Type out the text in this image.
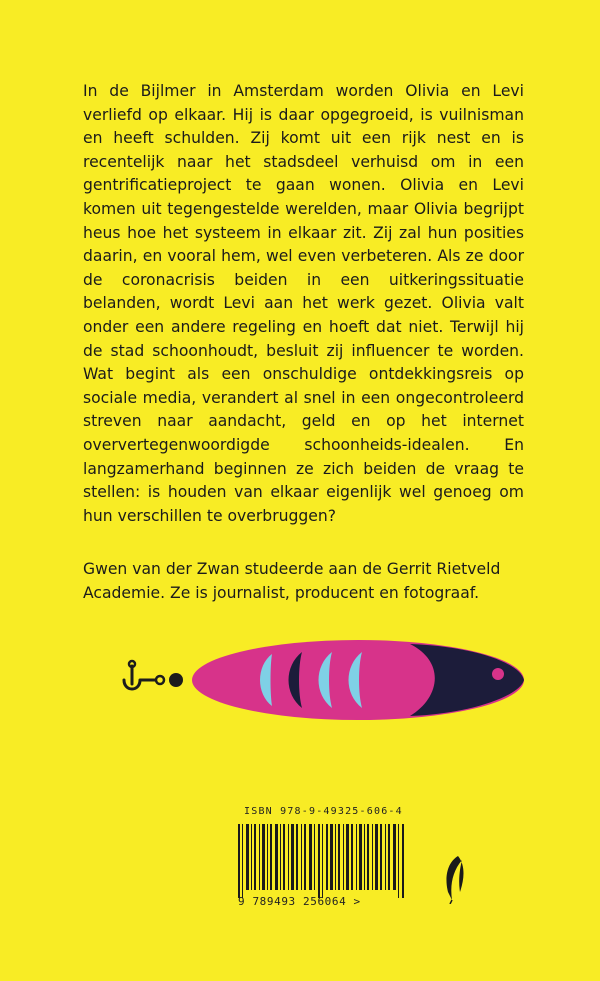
In de Bijlmer in Amsterdam worden Olivia en Levi verliefd op elkaar. Hij is daar opgegroeid, is vuilnisman en heeft schulden. Zij komt uit een rijk nest en is recentelijk naar het stadsdeel verhuisd om in een gentrificatieproject te gaan wonen. Olivia en Levi komen uit tegengestelde werelden, maar Olivia begrijpt heus hoe het systeem in elkaar zit. Zij zal hun posities daarin, en vooral hem, wel even verbeteren. Als ze door de coronacrisis beiden in een uitkeringssituatie belanden, wordt Levi aan het werk gezet. Olivia valt onder een andere regeling en hoeft dat niet. Terwijl hij de stad schoonhoudt, besluit zij influencer te worden. Wat begint als een onschuldige ontdekkingsreis op sociale media, verandert al snel in een ongecontroleerd streven naar aandacht, geld en op het internet oververtegenwoordigde schoonheids-idealen. En langzamerhand beginnen ze zich beiden de vraag te stellen: is houden van elkaar eigenlijk wel genoeg om hun verschillen te overbruggen?

Gwen van der Zwan studeerde aan de Gerrit Rietveld Academie. Ze is journalist, producent en fotograaf.

ISBN 978-9-49325-606-4
9 789493 256064 >
